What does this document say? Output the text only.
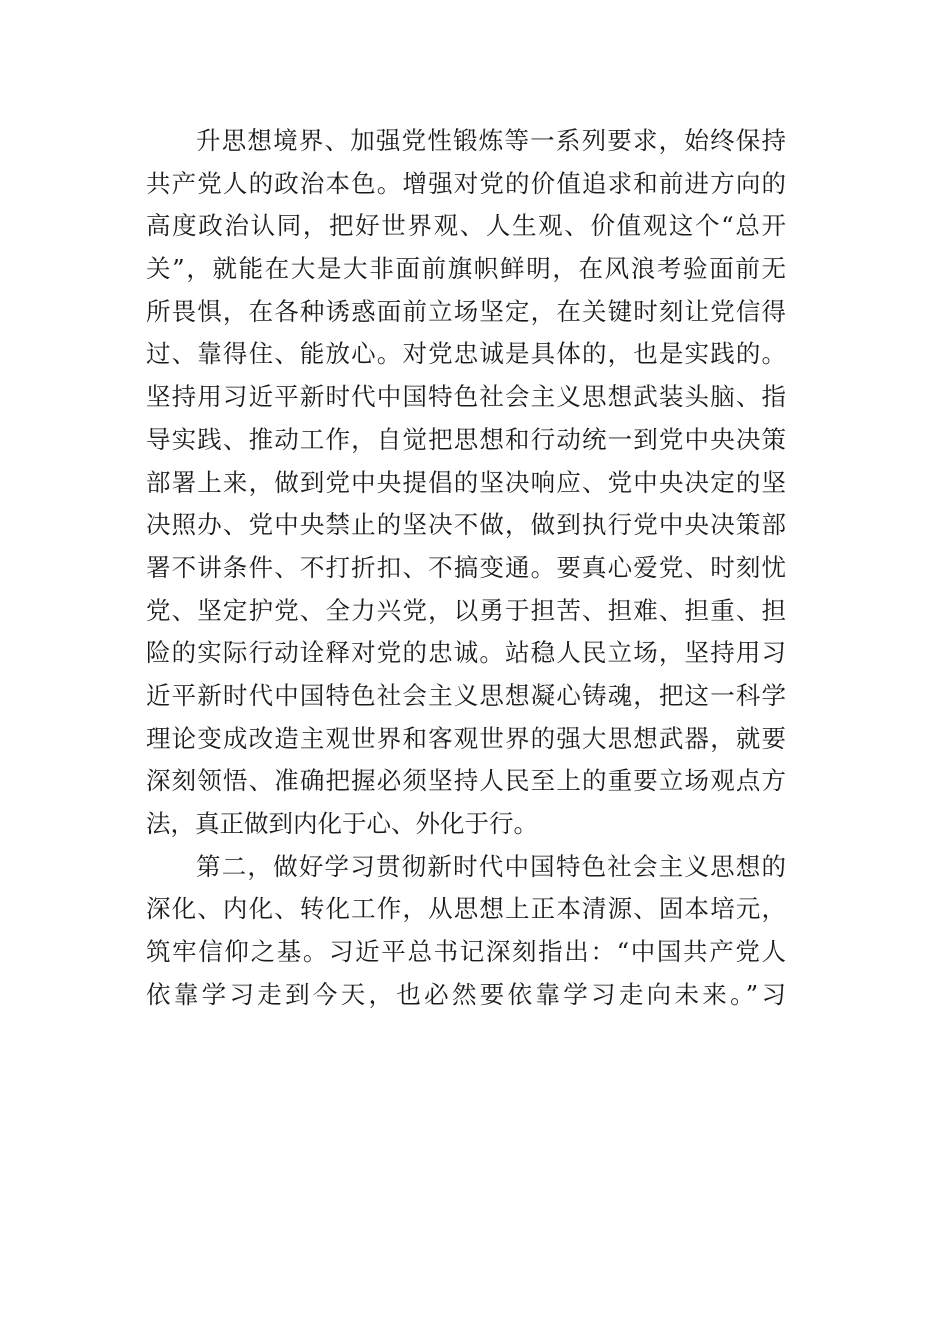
升思想境界、加强党性锻炼等一系列要求，始终保持
共产党人的政治本色。增强对党的价值追求和前进方向的
高度政治认同，把好世界观、人生观、价值观这个“总开
关”，就能在大是大非面前旗帜鲜明，在风浪考验面前无
所畏惧，在各种诱惑面前立场坚定，在关键时刻让党信得
过、靠得住、能放心。对党忠诚是具体的，也是实践的。
坚持用习近平新时代中国特色社会主义思想武装头脑、指
导实践、推动工作，自觉把思想和行动统一到党中央决策
部署上来，做到党中央提倡的坚决响应、党中央决定的坚
决照办、党中央禁止的坚决不做，做到执行党中央决策部
署不讲条件、不打折扣、不搞变通。要真心爱党、时刻忧
党、坚定护党、全力兴党，以勇于担苦、担难、担重、担
险的实际行动诠释对党的忠诚。站稳人民立场，坚持用习
近平新时代中国特色社会主义思想凝心铸魂，把这一科学
理论变成改造主观世界和客观世界的强大思想武器，就要
深刻领悟、准确把握必须坚持人民至上的重要立场观点方
法，真正做到内化于心、外化于行。
第二，做好学习贯彻新时代中国特色社会主义思想的
深化、内化、转化工作，从思想上正本清源、固本培元，
筑牢信仰之基。习近平总书记深刻指出：“中国共产党人
依靠学习走到今天，也必然要依靠学习走向未来。”习
